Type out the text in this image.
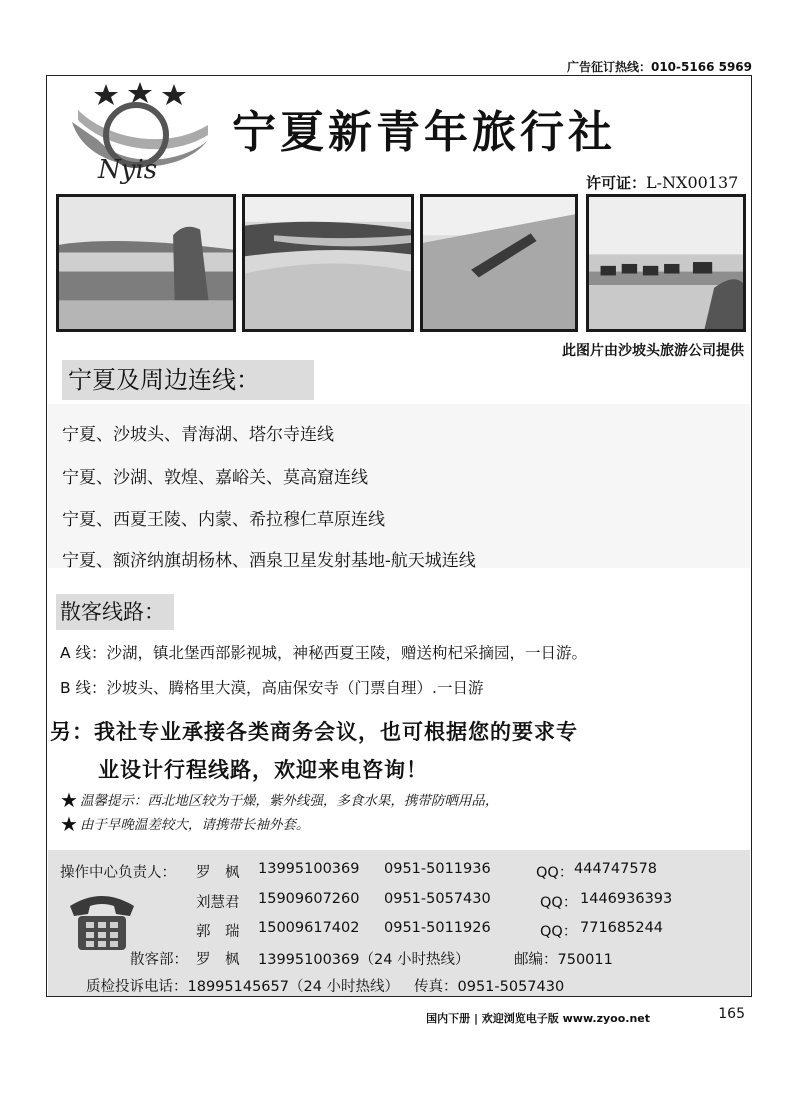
广告征订热线：010-5166 5969
Nyis
宁夏新青年旅行社
许可证：L-NX00137
此图片由沙坡头旅游公司提供
宁夏及周边连线：
宁夏、沙坡头、青海湖、塔尔寺连线
宁夏、沙湖、敦煌、嘉峪关、莫高窟连线
宁夏、西夏王陵、内蒙、希拉穆仁草原连线
宁夏、额济纳旗胡杨林、酒泉卫星发射基地-航天城连线
散客线路：
A 线：沙湖，镇北堡西部影视城，神秘西夏王陵，赠送枸杞采摘园，一日游。
B 线：沙坡头、腾格里大漠，高庙保安寺（门票自理）.一日游
另：我社专业承接各类商务会议，也可根据您的要求专
业设计行程线路，欢迎来电咨询！
★ 温馨提示：西北地区较为干燥，紫外线强，多食水果，携带防晒用品，
★ 由于早晚温差较大，请携带长袖外套。
操作中心负责人： 罗　枫 13995100369 0951-5011936	QQ： 444747578
刘慧君 15909607260 0951-5057430	QQ： 1446936393
郭　瑞 15009617402 0951-5011926	QQ： 771685244
散客部： 罗　枫 13995100369（24 小时热线）	邮编：750011
质检投诉电话：18995145657（24 小时热线） 传真：0951-5057430
国内下册 | 欢迎浏览电子版 www.zyoo.net	165
